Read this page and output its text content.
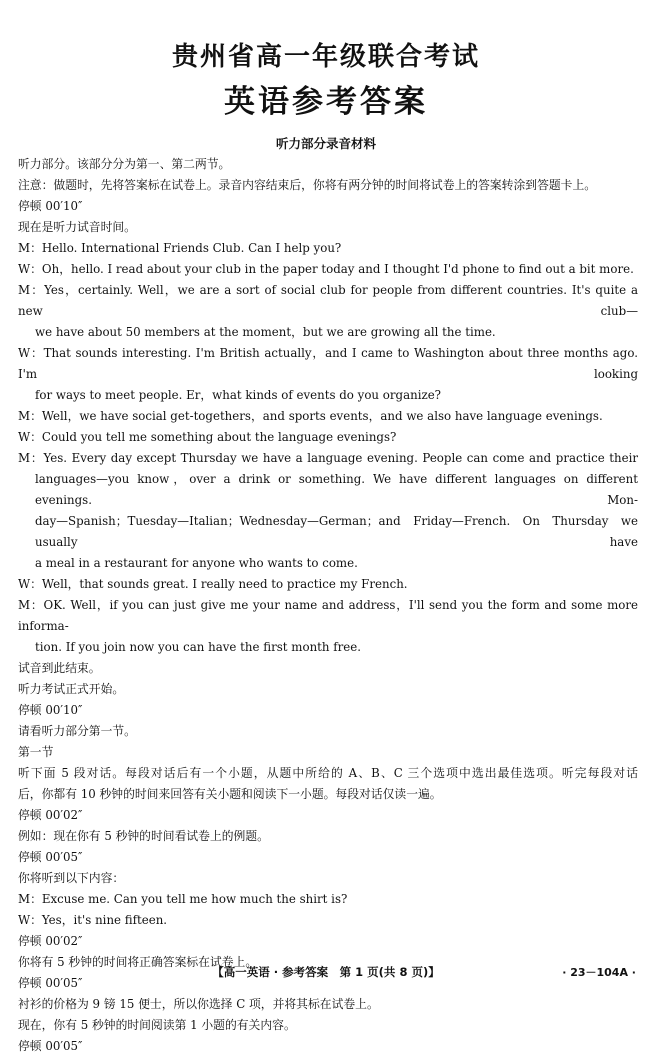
贵州省高一年级联合考试
英语参考答案
听力部分录音材料
听力部分。该部分分为第一、第二两节。
注意：做题时，先将答案标在试卷上。录音内容结束后，你将有两分钟的时间将试卷上的答案转涂到答题卡上。
停顿 00′10″
现在是听力试音时间。
M：Hello. International Friends Club. Can I help you?
W：Oh，hello. I read about your club in the paper today and I thought I'd phone to find out a bit more.
M：Yes，certainly. Well，we are a sort of social club for people from different countries. It's quite a new club—
we have about 50 members at the moment，but we are growing all the time.
W：That sounds interesting. I'm British actually，and I came to Washington about three months ago. I'm looking
for ways to meet people. Er，what kinds of events do you organize?
M：Well，we have social get-togethers，and sports events，and we also have language evenings.
W：Could you tell me something about the language evenings?
M：Yes. Every day except Thursday we have a language evening. People can come and practice their
languages—you know，over a drink or something. We have different languages on different evenings. Mon-
day—Spanish；Tuesday—Italian；Wednesday—German；and Friday—French. On Thursday we usually have
a meal in a restaurant for anyone who wants to come.
W：Well，that sounds great. I really need to practice my French.
M：OK. Well，if you can just give me your name and address，I'll send you the form and some more informa-
tion. If you join now you can have the first month free.
试音到此结束。
听力考试正式开始。
停顿 00′10″
请看听力部分第一节。
第一节
听下面 5 段对话。每段对话后有一个小题，从题中所给的 A、B、C 三个选项中选出最佳选项。听完每段对话
后，你都有 10 秒钟的时间来回答有关小题和阅读下一小题。每段对话仅读一遍。
停顿 00′02″
例如：现在你有 5 秒钟的时间看试卷上的例题。
停顿 00′05″
你将听到以下内容：
M：Excuse me. Can you tell me how much the shirt is?
W：Yes，it's nine fifteen.
停顿 00′02″
你将有 5 秒钟的时间将正确答案标在试卷上。
停顿 00′05″
衬衫的价格为 9 镑 15 便士，所以你选择 C 项，并将其标在试卷上。
现在，你有 5 秒钟的时间阅读第 1 小题的有关内容。
停顿 00′05″
【高一英语 · 参考答案　第 1 页(共 8 页)】	· 23－104A ·
